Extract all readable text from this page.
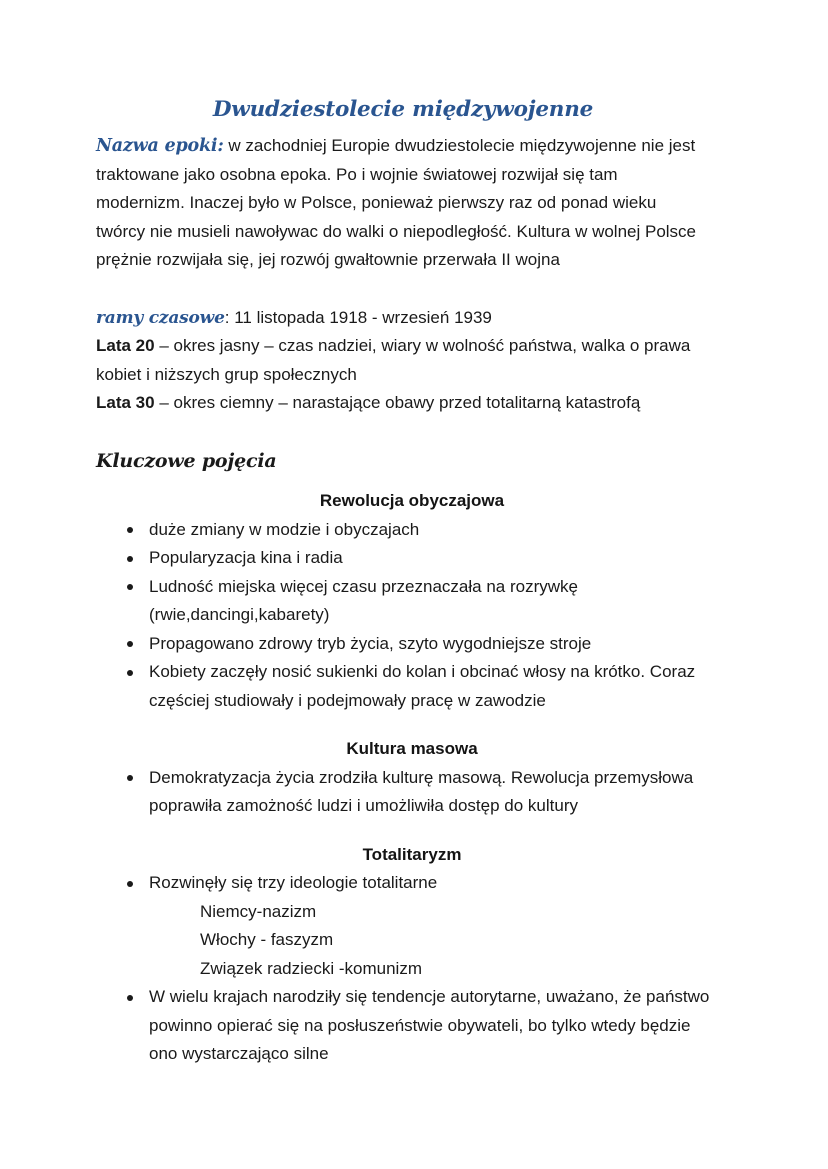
Dwudziestolecie międzywojenne

Nazwa epoki: w zachodniej Europie dwudziestolecie międzywojenne nie jest traktowane jako osobna epoka. Po i wojnie światowej rozwijał się tam modernizm. Inaczej było w Polsce, ponieważ pierwszy raz od ponad wieku twórcy nie musieli nawoływac do walki o niepodległość. Kultura w wolnej Polsce prężnie rozwijała się, jej rozwój gwałtownie przerwała II wojna

ramy czasowe: 11 listopada 1918 - wrzesień 1939

Lata 20 – okres jasny – czas nadziei, wiary w wolność państwa, walka o prawa kobiet i niższych grup społecznych

Lata 30 – okres ciemny – narastające obawy przed totalitarną katastrofą

Kluczowe pojęcia

Rewolucja obyczajowa

duże zmiany w modzie i obyczajach
Popularyzacja kina i radia
Ludność miejska więcej czasu przeznaczała na rozrywkę (rwie,dancingi,kabarety)
Propagowano zdrowy tryb życia, szyto wygodniejsze stroje
Kobiety zaczęły nosić sukienki do kolan i obcinać włosy na krótko. Coraz częściej studiowały i podejmowały pracę w zawodzie

Kultura masowa

Demokratyzacja życia zrodziła kulturę masową. Rewolucja przemysłowa poprawiła zamożność ludzi i umożliwiła dostęp do kultury

Totalitaryzm

Rozwinęły się trzy ideologie totalitarne
Niemcy-nazizm
Włochy - faszyzm
Związek radziecki -komunizm
W wielu krajach narodziły się tendencje autorytarne, uważano, że państwo powinno opierać się na posłuszeństwie obywateli, bo tylko wtedy będzie ono wystarczająco silne
